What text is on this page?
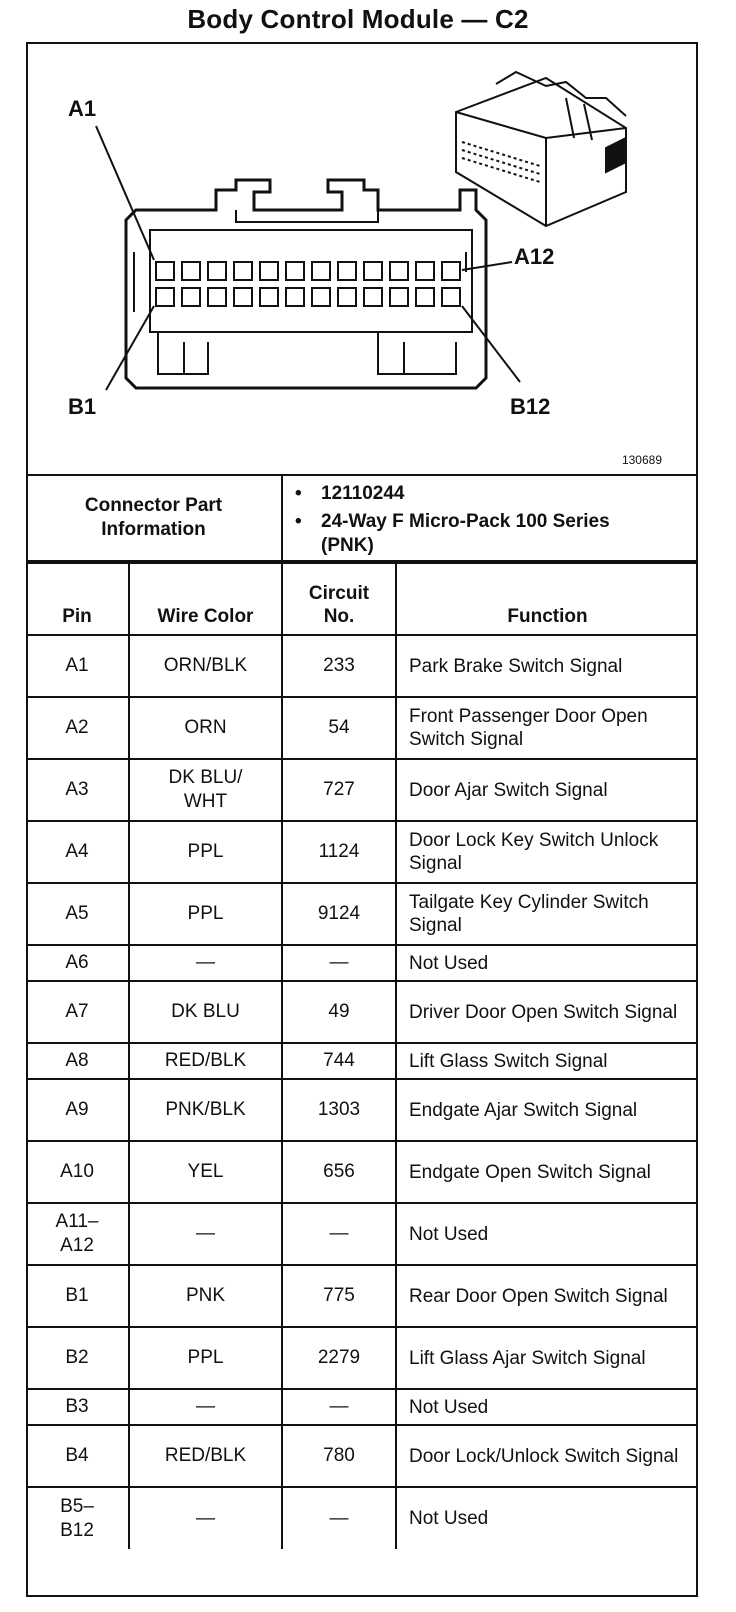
Body Control Module — C2
A1
A12
B1	B12
130689
Connector Part Information
• 12110244
• 24-Way F Micro-Pack 100 Series (PNK)
Pin	Wire Color	Circuit No.	Function
A1	ORN/BLK	233	Park Brake Switch Signal
A2	ORN	54	Front Passenger Door Open Switch Signal
A3	DK BLU/ WHT	727	Door Ajar Switch Signal
A4	PPL	1124	Door Lock Key Switch Unlock Signal
A5	PPL	9124	Tailgate Key Cylinder Switch Signal
A6	—	—	Not Used
A7	DK BLU	49	Driver Door Open Switch Signal
A8	RED/BLK	744	Lift Glass Switch Signal
A9	PNK/BLK	1303	Endgate Ajar Switch Signal
A10	YEL	656	Endgate Open Switch Signal
A11– A12	—	—	Not Used
B1	PNK	775	Rear Door Open Switch Signal
B2	PPL	2279	Lift Glass Ajar Switch Signal
B3	—	—	Not Used
B4	RED/BLK	780	Door Lock/Unlock Switch Signal
B5– B12	—	—	Not Used
